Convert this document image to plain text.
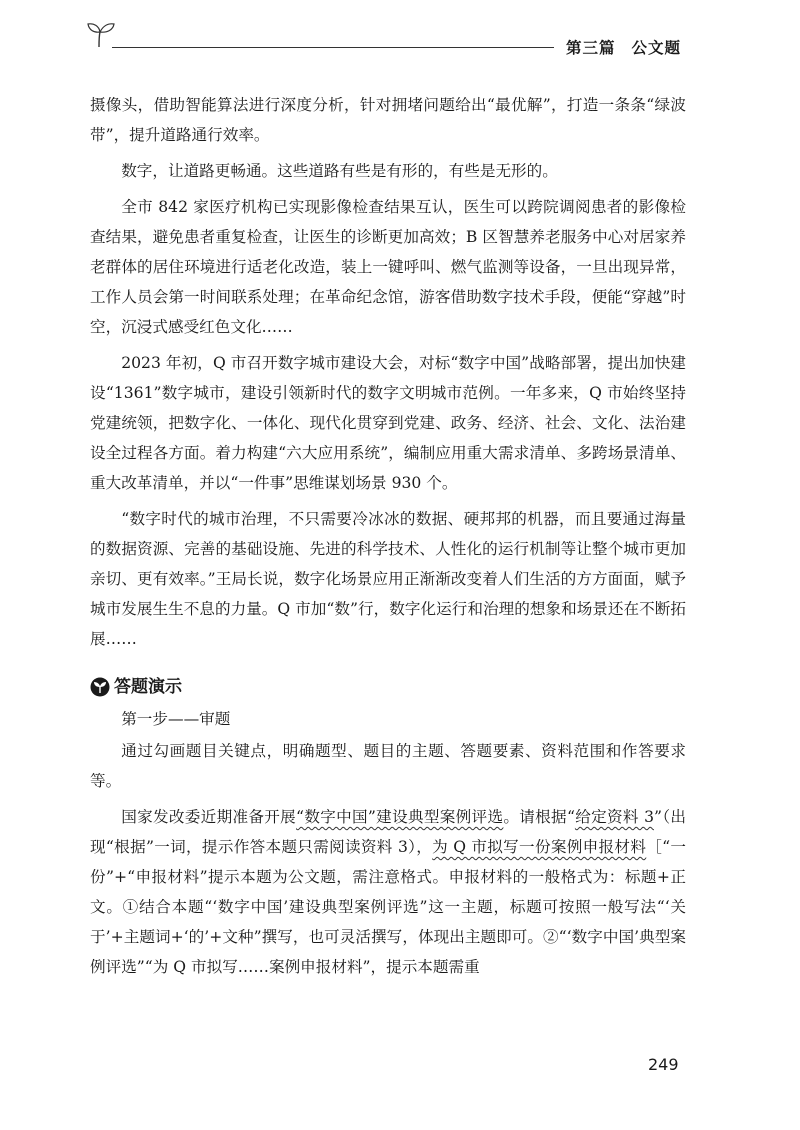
第三篇 公文题

摄像头，借助智能算法进行深度分析，针对拥堵问题给出“最优解”，打造一条条“绿波带”，提升道路通行效率。

数字，让道路更畅通。这些道路有些是有形的，有些是无形的。

全市 842 家医疗机构已实现影像检查结果互认，医生可以跨院调阅患者的影像检查结果，避免患者重复检查，让医生的诊断更加高效；B 区智慧养老服务中心对居家养老群体的居住环境进行适老化改造，装上一键呼叫、燃气监测等设备，一旦出现异常，工作人员会第一时间联系处理；在革命纪念馆，游客借助数字技术手段，便能“穿越”时空，沉浸式感受红色文化……

2023 年初，Q 市召开数字城市建设大会，对标“数字中国”战略部署，提出加快建设“1361”数字城市，建设引领新时代的数字文明城市范例。一年多来，Q 市始终坚持党建统领，把数字化、一体化、现代化贯穿到党建、政务、经济、社会、文化、法治建设全过程各方面。着力构建“六大应用系统”，编制应用重大需求清单、多跨场景清单、重大改革清单，并以“一件事”思维谋划场景 930 个。

“数字时代的城市治理，不只需要冷冰冰的数据、硬邦邦的机器，而且要通过海量的数据资源、完善的基础设施、先进的科学技术、人性化的运行机制等让整个城市更加亲切、更有效率。”王局长说，数字化场景应用正渐渐改变着人们生活的方方面面，赋予城市发展生生不息的力量。Q 市加“数”行，数字化运行和治理的想象和场景还在不断拓展……

答题演示
第一步——审题

通过勾画题目关键点，明确题型、题目的主题、答题要素、资料范围和作答要求等。

国家发改委近期准备开展“数字中国”建设典型案例评选。请根据“给定资料 3”（出现“根据”一词，提示作答本题只需阅读资料 3），为 Q 市拟写一份案例申报材料［“一份”+“申报材料”提示本题为公文题，需注意格式。申报材料的一般格式为：标题+正文。①结合本题“‘数字中国’建设典型案例评选”这一主题，标题可按照一般写法“‘关于’+主题词+‘的’+文种”撰写，也可灵活撰写，体现出主题即可。②“‘数字中国’典型案例评选”“为 Q 市拟写……案例申报材料”，提示本题需重

249
